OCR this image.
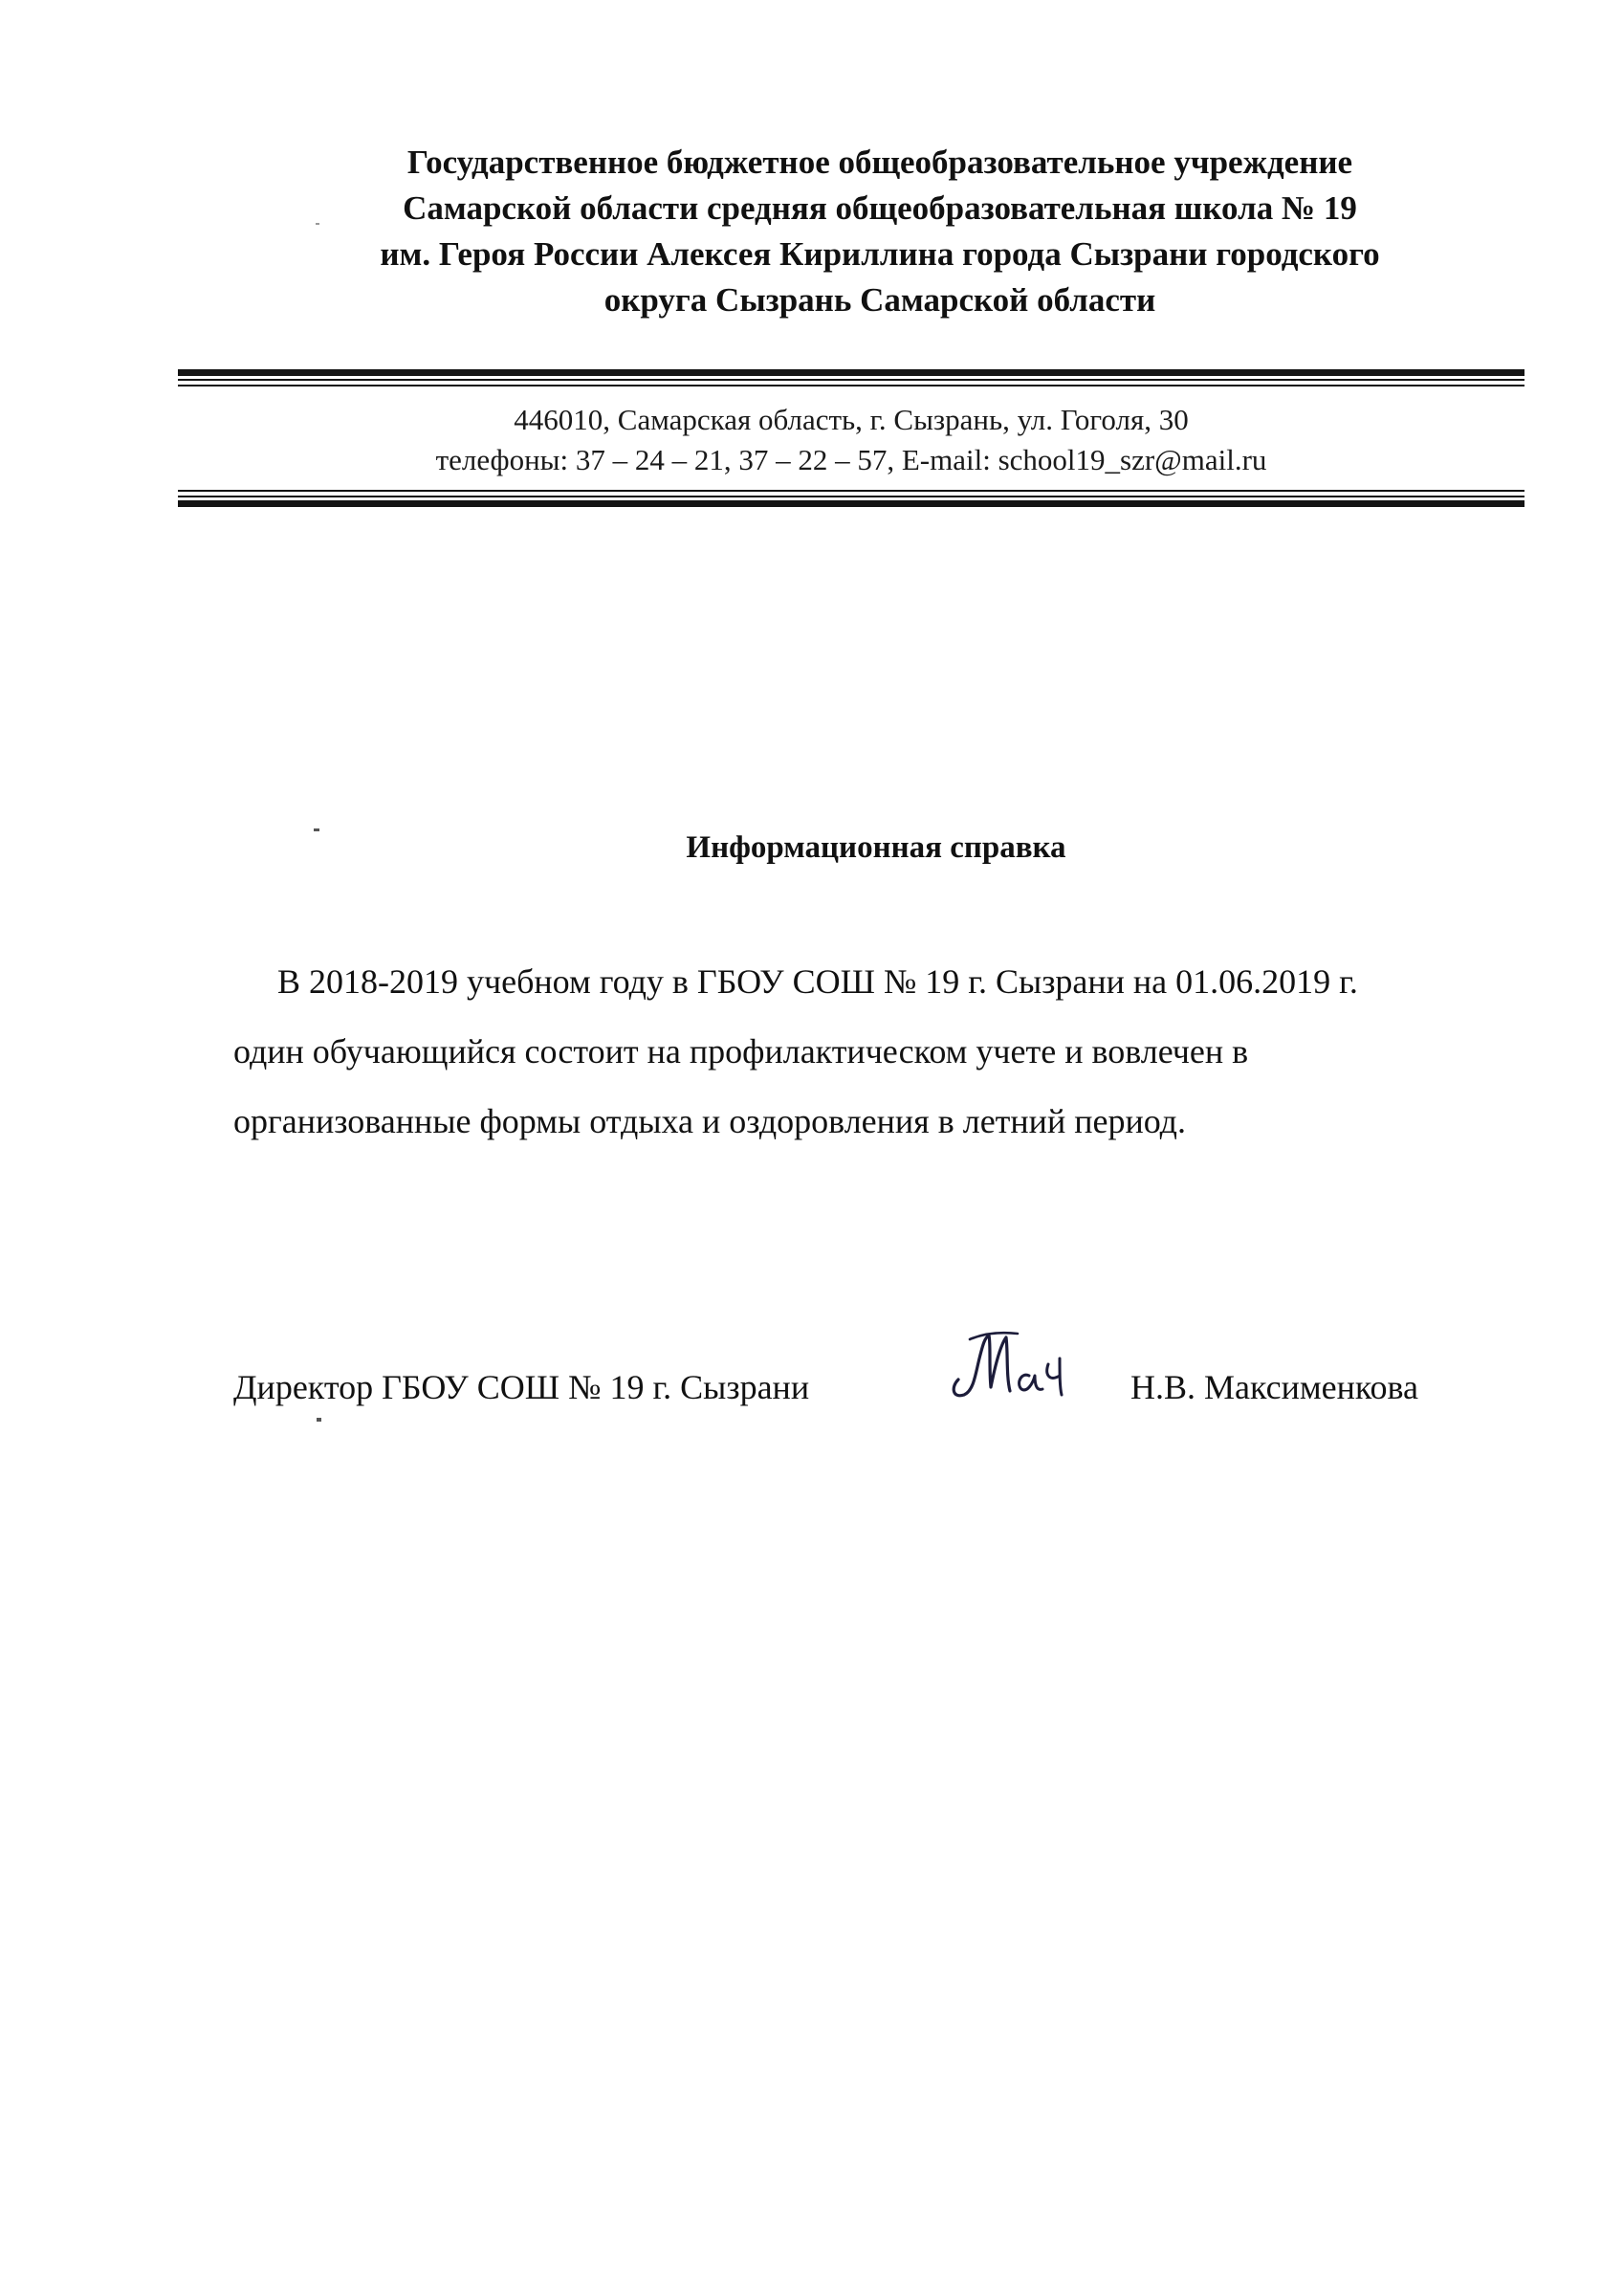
Государственное бюджетное общеобразовательное учреждение
Самарской области средняя общеобразовательная школа № 19
им. Героя России Алексея Кириллина города Сызрани городского
округа Сызрань Самарской области
446010, Самарская область, г. Сызрань, ул. Гоголя, 30
телефоны: 37 – 24 – 21, 37 – 22 – 57, E-mail: school19_szr@mail.ru
Информационная справка
В 2018-2019 учебном году в ГБОУ СОШ № 19 г. Сызрани на 01.06.2019 г.
один обучающийся состоит на профилактическом учете и вовлечен в
организованные формы отдыха и оздоровления в летний период.
Директор ГБОУ СОШ № 19 г. Сызрани	Н.В. Максименкова
